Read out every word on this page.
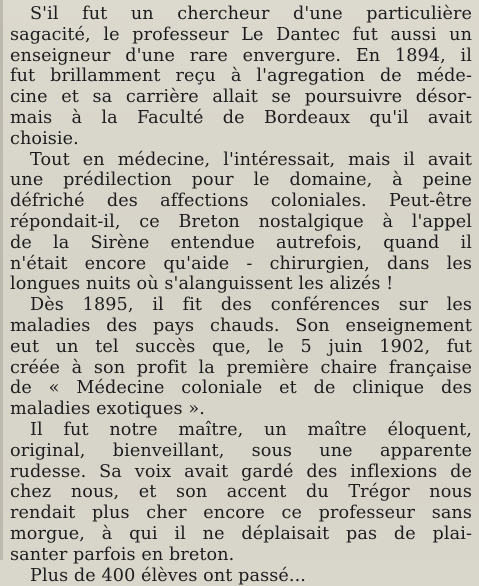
S'il fut un chercheur d'une particulière
sagacité, le professeur Le Dantec fut aussi un
enseigneur d'une rare envergure. En 1894, il
fut brillamment reçu à l'agregation de méde-
cine et sa carrière allait se poursuivre désor-
mais à la Faculté de Bordeaux qu'il avait
choisie.
Tout en médecine, l'intéressait, mais il avait
une prédilection pour le domaine, à peine
défriché des affections coloniales. Peut-être
répondait-il, ce Breton nostalgique à l'appel
de la Sirène entendue autrefois, quand il
n'était encore qu'aide - chirurgien, dans les
longues nuits où s'alanguissent les alizés !
Dès 1895, il fit des conférences sur les
maladies des pays chauds. Son enseignement
eut un tel succès que, le 5 juin 1902, fut
créée à son profit la première chaire française
de « Médecine coloniale et de clinique des
maladies exotiques ».
Il fut notre maître, un maître éloquent,
original, bienveillant, sous une apparente
rudesse. Sa voix avait gardé des inflexions de
chez nous, et son accent du Trégor nous
rendait plus cher encore ce professeur sans
morgue, à qui il ne déplaisait pas de plai-
santer parfois en breton.
Plus de 400 élèves ont passé...
